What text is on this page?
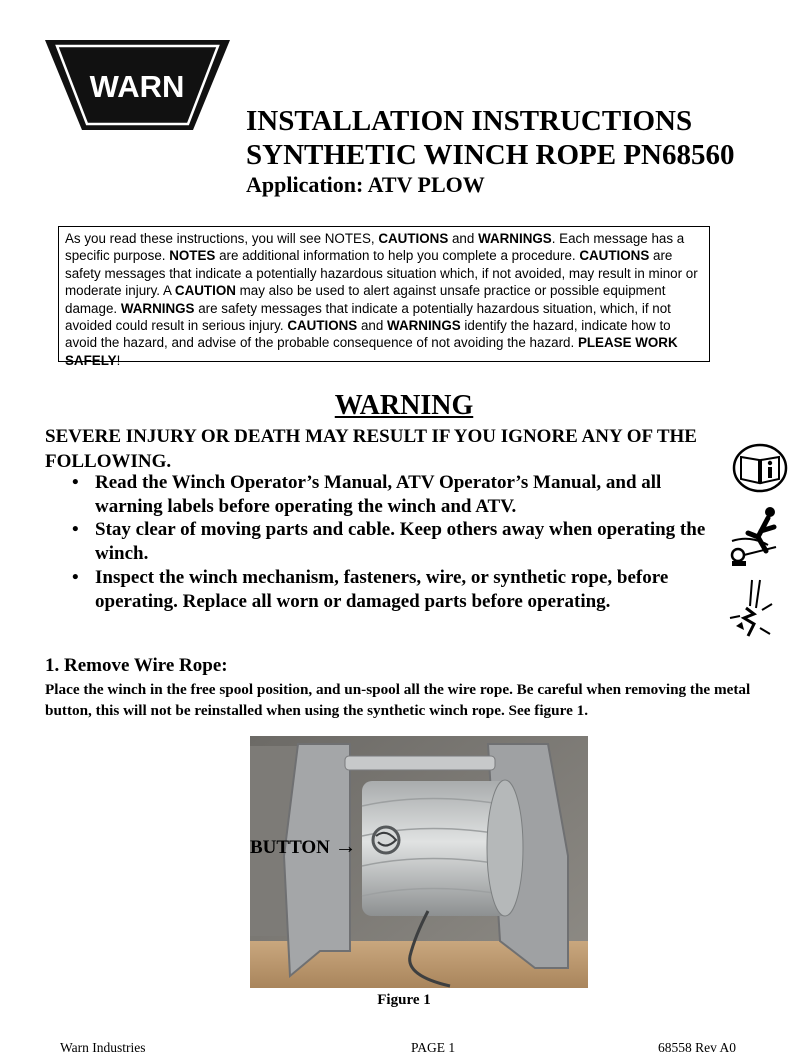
WARN
INSTALLATION INSTRUCTIONS
SYNTHETIC WINCH ROPE PN68560
Application: ATV PLOW
As you read these instructions, you will see NOTES, CAUTIONS and WARNINGS. Each message has a specific purpose. NOTES are additional information to help you complete a procedure. CAUTIONS are safety messages that indicate a potentially hazardous situation which, if not avoided, may result in minor or moderate injury. A CAUTION may also be used to alert against unsafe practice or possible equipment damage. WARNINGS are safety messages that indicate a potentially hazardous situation, which, if not avoided could result in serious injury. CAUTIONS and WARNINGS identify the hazard, indicate how to avoid the hazard, and advise of the probable consequence of not avoiding the hazard. PLEASE WORK SAFELY!
WARNING
SEVERE INJURY OR DEATH MAY RESULT IF YOU IGNORE ANY OF THE FOLLOWING.
• Read the Winch Operator’s Manual, ATV Operator’s Manual, and all warning labels before operating the winch and ATV.
• Stay clear of moving parts and cable. Keep others away when operating the winch.
• Inspect the winch mechanism, fasteners, wire, or synthetic rope, before operating. Replace all worn or damaged parts before operating.
1. Remove Wire Rope:
Place the winch in the free spool position, and un-spool all the wire rope. Be careful when removing the metal button, this will not be reinstalled when using the synthetic winch rope. See figure 1.
BUTTON →
Figure 1
Warn Industries	PAGE 1	68558 Rev A0
